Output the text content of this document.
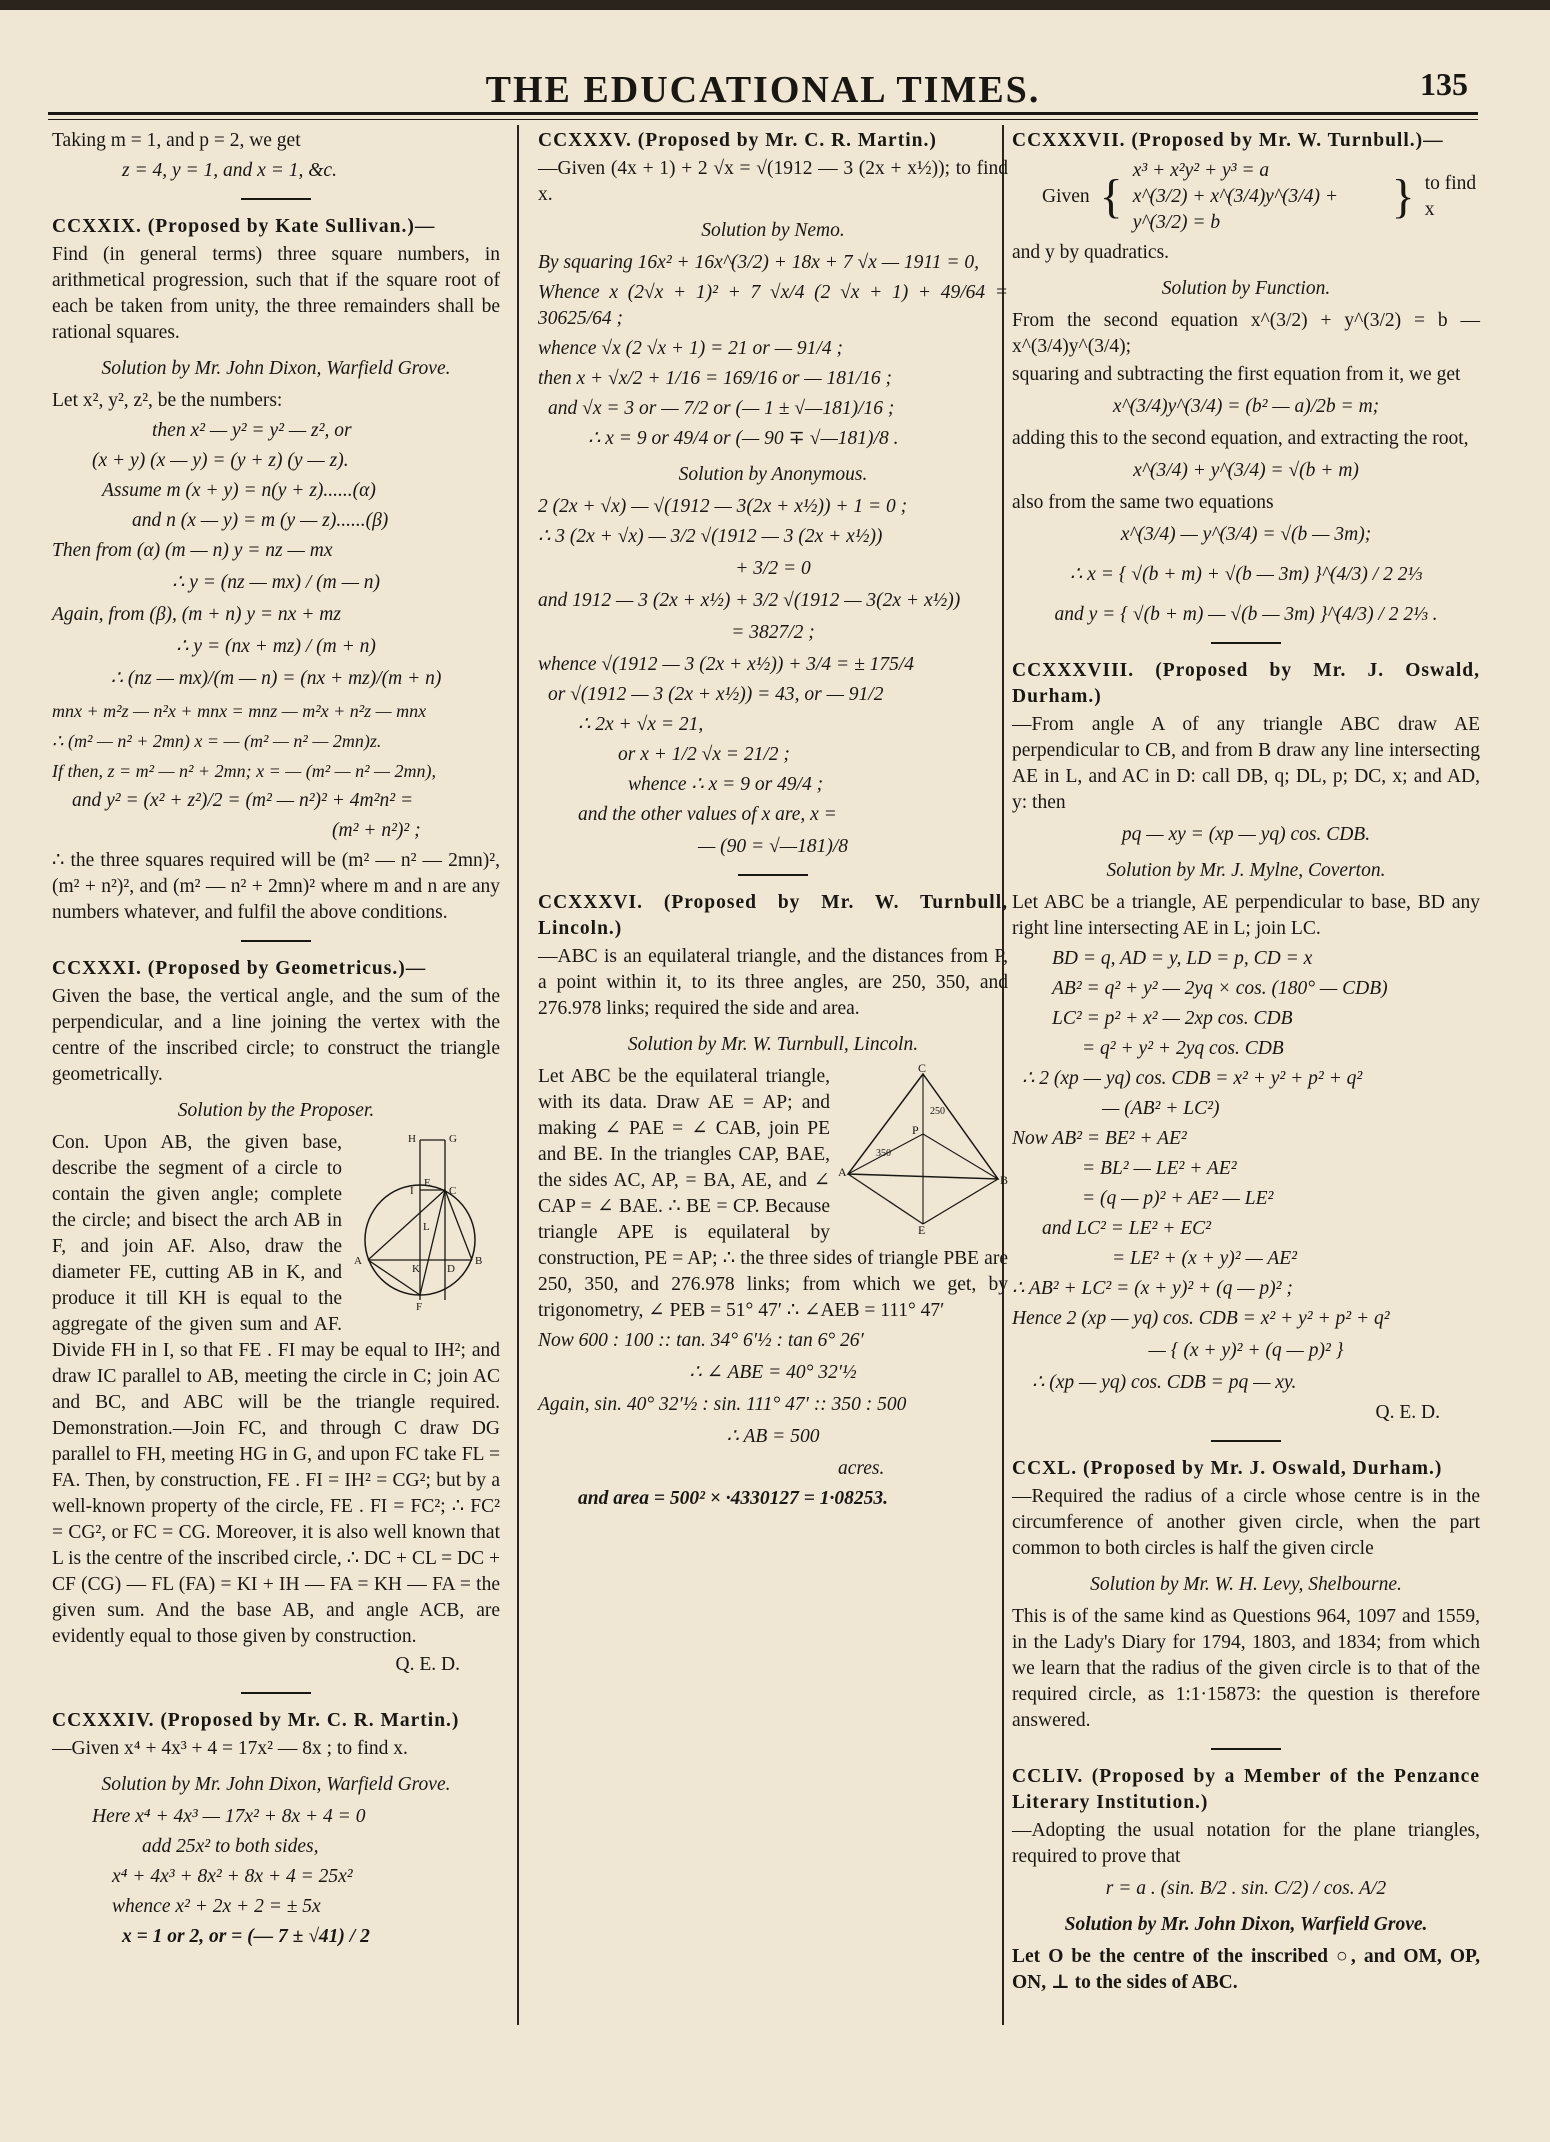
THE EDUCATIONAL TIMES.	135

Taking m = 1, and p = 2, we get

z = 4, y = 1, and x = 1, &c.

CCXXIX. (Proposed by Kate Sullivan.)—

Find (in general terms) three square numbers, in arithmetical progression, such that if the square root of each be taken from unity, the three remainders shall be rational squares.

Solution by Mr. John Dixon, Warfield Grove.

Let x², y², z², be the numbers:

then x² — y² = y² — z², or

(x + y) (x — y) = (y + z) (y — z).

Assume m (x + y) = n(y + z)......(α)

and n (x — y) = m (y — z)......(β)

Then from (α) (m — n) y = nz — mx

∴ y = (nz — mx) / (m — n)

Again, from (β), (m + n) y = nx + mz

∴ y = (nx + mz) / (m + n)

∴ (nz — mx)/(m — n) = (nx + mz)/(m + n)

mnx + m²z — n²x + mnx = mnz — m²x + n²z — mnx

∴ (m² — n² + 2mn) x = — (m² — n² — 2mn)z.

If then, z = m² — n² + 2mn; x = — (m² — n² — 2mn),

and y² = (x² + z²)/2 = (m² — n²)² + 4m²n² =

(m² + n²)² ;

∴ the three squares required will be (m² — n² — 2mn)², (m² + n²)², and (m² — n² + 2mn)² where m and n are any numbers whatever, and fulfil the above conditions.

CCXXXI. (Proposed by Geometricus.)—

Given the base, the vertical angle, and the sum of the perpendicular, and a line joining the vertex with the centre of the inscribed circle; to construct the triangle geometrically.

Solution by the Proposer.

H	G
I	C
L
A
K D
B
E
F

Con. Upon AB, the given base, describe the segment of a circle to contain the given angle; complete the circle; and bisect the arch AB in F, and join AF. Also, draw the diameter FE, cutting AB in K, and produce it till KH is equal to the aggregate of the given sum and AF. Divide FH in I, so that FE . FI may be equal to IH²; and draw IC parallel to AB, meeting the circle in C; join AC and BC, and ABC will be the triangle required. Demonstration.—Join FC, and through C draw DG parallel to FH, meeting HG in G, and upon FC take FL = FA. Then, by construction, FE . FI = IH² = CG²; but by a well-known property of the circle, FE . FI = FC²; ∴ FC² = CG², or FC = CG. Moreover, it is also well known that L is the centre of the inscribed circle, ∴ DC + CL = DC + CF (CG) — FL (FA) = KI + IH — FA = KH — FA = the given sum. And the base AB, and angle ACB, are evidently equal to those given by construction.

Q. E. D.

CCXXXIV. (Proposed by Mr. C. R. Martin.)

—Given x⁴ + 4x³ + 4 = 17x² — 8x ; to find x.

Solution by Mr. John Dixon, Warfield Grove.

Here x⁴ + 4x³ — 17x² + 8x + 4 = 0

add 25x² to both sides,

x⁴ + 4x³ + 8x² + 8x + 4 = 25x²

whence x² + 2x + 2 = ± 5x

x = 1 or 2, or = (— 7 ± √41) / 2

CCXXXV. (Proposed by Mr. C. R. Martin.)

—Given (4x + 1) + 2 √x = √(1912 — 3 (2x + x½)); to find x.

Solution by Nemo.

By squaring 16x² + 16x^(3/2) + 18x + 7 √x — 1911 = 0,

Whence x (2√x + 1)² + 7 √x/4 (2 √x + 1) + 49/64 = 30625/64 ;

whence √x (2 √x + 1) = 21 or — 91/4 ;

then x + √x/2 + 1/16 = 169/16 or — 181/16 ;

and √x = 3 or — 7/2 or (— 1 ± √—181)/16 ;

∴ x = 9 or 49/4 or (— 90 ∓ √—181)/8 .

Solution by Anonymous.

2 (2x + √x) — √(1912 — 3(2x + x½)) + 1 = 0 ;

∴ 3 (2x + √x) — 3/2 √(1912 — 3 (2x + x½))

+ 3/2 = 0

and 1912 — 3 (2x + x½) + 3/2 √(1912 — 3(2x + x½))

= 3827/2 ;

whence √(1912 — 3 (2x + x½)) + 3/4 = ± 175/4

or √(1912 — 3 (2x + x½)) = 43, or — 91/2

∴ 2x + √x = 21,

or x + 1/2 √x = 21/2 ;

whence ∴ x = 9 or 49/4 ;

and the other values of x are, x =

— (90 = √—181)/8

CCXXXVI. (Proposed by Mr. W. Turnbull, Lincoln.)

—ABC is an equilateral triangle, and the distances from P, a point within it, to its three angles, are 250, 350, and 276.978 links; required the side and area.

Solution by Mr. W. Turnbull, Lincoln.

C
P
A
B
E
250
350

Let ABC be the equilateral triangle, with its data. Draw AE = AP; and making ∠ PAE = ∠ CAB, join PE and BE. In the triangles CAP, BAE, the sides AC, AP, = BA, AE, and ∠ CAP = ∠ BAE. ∴ BE = CP. Because triangle APE is equilateral by construction, PE = AP; ∴ the three sides of triangle PBE are 250, 350, and 276.978 links; from which we get, by trigonometry, ∠ PEB = 51° 47′ ∴ ∠AEB = 111° 47′

Now 600 : 100 :: tan. 34° 6′½ : tan 6° 26′

∴ ∠ ABE = 40° 32′½

Again, sin. 40° 32′½ : sin. 111° 47′ :: 350 : 500

∴ AB = 500

acres.

and area = 500² × ·4330127 = 1·08253.

CCXXXVII. (Proposed by Mr. W. Turnbull.)—

Given { x³ + x²y² + y³ = a
x^(3/2) + x^(3/4)y^(3/4) + y^(3/2) = b	} to find x

and y by quadratics.

Solution by Function.

From the second equation x^(3/2) + y^(3/2) = b — x^(3/4)y^(3/4);

squaring and subtracting the first equation from it, we get

x^(3/4)y^(3/4) = (b² — a)/2b = m;

adding this to the second equation, and extracting the root,

x^(3/4) + y^(3/4) = √(b + m)

also from the same two equations

x^(3/4) — y^(3/4) = √(b — 3m);

∴ x = { √(b + m) + √(b — 3m) }^(4/3) / 2 2⅓

and y = { √(b + m) — √(b — 3m) }^(4/3) / 2 2⅓ .

CCXXXVIII. (Proposed by Mr. J. Oswald, Durham.)

—From angle A of any triangle ABC draw AE perpendicular to CB, and from B draw any line intersecting AE in L, and AC in D: call DB, q; DL, p; DC, x; and AD, y: then

pq — xy = (xp — yq) cos. CDB.

Solution by Mr. J. Mylne, Coverton.

Let ABC be a triangle, AE perpendicular to base, BD any right line intersecting AE in L; join LC.

BD = q, AD = y, LD = p, CD = x

AB² = q² + y² — 2yq × cos. (180° — CDB)

LC² = p² + x² — 2xp cos. CDB

= q² + y² + 2yq cos. CDB

∴ 2 (xp — yq) cos. CDB = x² + y² + p² + q²

— (AB² + LC²)

Now AB² = BE² + AE²

= BL² — LE² + AE²

= (q — p)² + AE² — LE²

and LC² = LE² + EC²

= LE² + (x + y)² — AE²

∴ AB² + LC² = (x + y)² + (q — p)² ;

Hence 2 (xp — yq) cos. CDB = x² + y² + p² + q²

— { (x + y)² + (q — p)² }

∴ (xp — yq) cos. CDB = pq — xy.

Q. E. D.

CCXL. (Proposed by Mr. J. Oswald, Durham.)

—Required the radius of a circle whose centre is in the circumference of another given circle, when the part common to both circles is half the given circle

Solution by Mr. W. H. Levy, Shelbourne.

This is of the same kind as Questions 964, 1097 and 1559, in the Lady's Diary for 1794, 1803, and 1834; from which we learn that the radius of the given circle is to that of the required circle, as 1:1·15873: the question is therefore answered.

CCLIV. (Proposed by a Member of the Penzance Literary Institution.)

—Adopting the usual notation for the plane triangles, required to prove that

r = a . (sin. B/2 . sin. C/2) / cos. A/2

Solution by Mr. John Dixon, Warfield Grove.

Let O be the centre of the inscribed ○, and OM, OP, ON, ⊥ to the sides of ABC.
